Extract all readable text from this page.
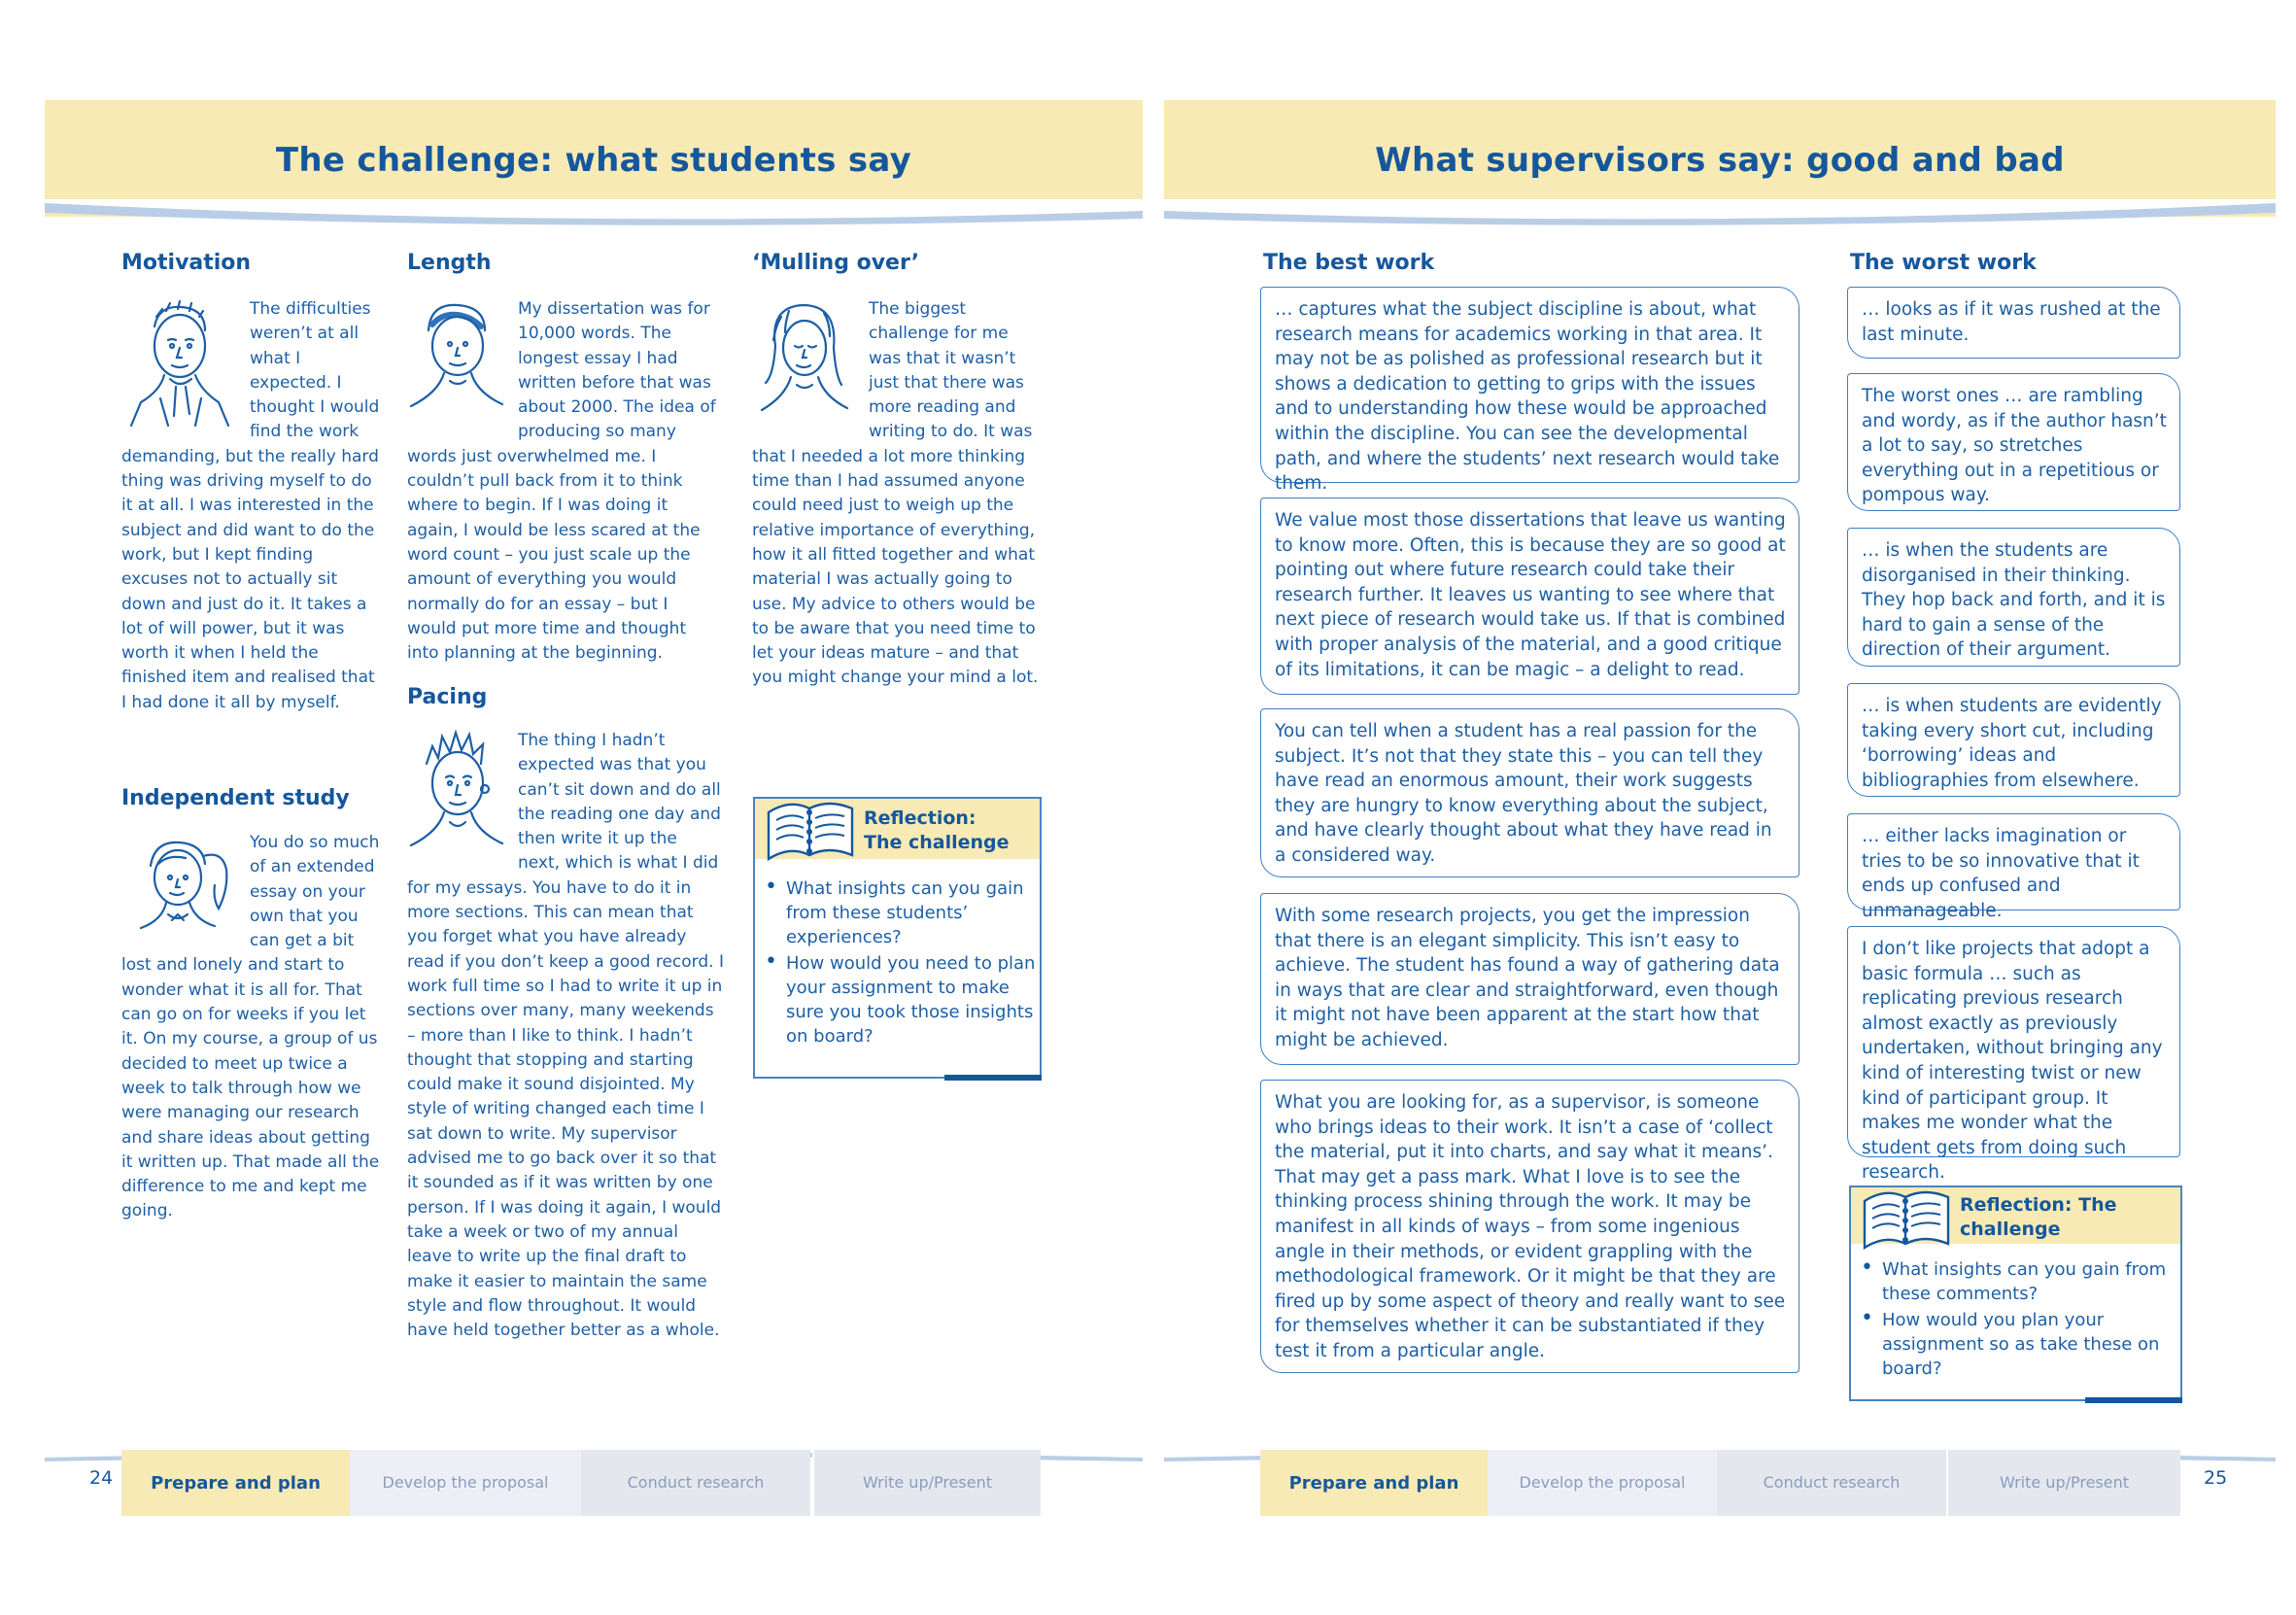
The challenge: what students say
Motivation

The difficulties weren’t at all what I expected. I thought I would find the work demanding, but the really hard thing was driving myself to do it at all. I was interested in the subject and did want to do the work, but I kept finding excuses not to actually sit down and just do it. It takes a lot of will power, but it was worth it when I held the finished item and realised that I had done it all by myself.

Independent study

You do so much of an extended essay on your own that you can get a bit lost and lonely and start to wonder what it is all for. That can go on for weeks if you let it. On my course, a group of us decided to meet up twice a week to talk through how we were managing our research and share ideas about getting it written up. That made all the difference to me and kept me going.

Length

My dissertation was for 10,000 words. The longest essay I had written before that was about 2000. The idea of producing so many words just overwhelmed me. I couldn’t pull back from it to think where to begin. If I was doing it again, I would be less scared at the word count – you just scale up the amount of everything you would normally do for an essay – but I would put more time and thought into planning at the beginning.

Pacing

The thing I hadn’t expected was that you can’t sit down and do all the reading one day and then write it up the next, which is what I did for my essays. You have to do it in more sections. This can mean that you forget what you have already read if you don’t keep a good record. I work full time so I had to write it up in sections over many, many weekends – more than I like to think. I hadn’t thought that stopping and starting could make it sound disjointed. My style of writing changed each time I sat down to write. My supervisor advised me to go back over it so that it sounded as if it was written by one person. If I was doing it again, I would take a week or two of my annual leave to write up the final draft to make it easier to maintain the same style and flow throughout. It would have held together better as a whole.

‘Mulling over’

The biggest challenge for me was that it wasn’t just that there was more reading and writing to do. It was that I needed a lot more thinking time than I had assumed anyone could need just to weigh up the relative importance of everything, how it all fitted together and what material I was actually going to use. My advice to others would be to be aware that you need time to let your ideas mature – and that you might change your mind a lot.

Reflection:
The challenge
• What insights can you gain from these students’ experiences?
• How would you need to plan your assignment to make sure you took those insights on board?
24	Prepare and plan	Develop the proposal	Conduct research	Write up/Present
What supervisors say: good and bad
The best work
… captures what the subject discipline is about, what research means for academics working in that area. It may not be as polished as professional research but it shows a dedication to getting to grips with the issues and to understanding how these would be approached within the discipline. You can see the developmental path, and where the students’ next research would take them.
We value most those dissertations that leave us wanting to know more. Often, this is because they are so good at pointing out where future research could take their research further. It leaves us wanting to see where that next piece of research would take us. If that is combined with proper analysis of the material, and a good critique of its limitations, it can be magic – a delight to read.
You can tell when a student has a real passion for the subject. It’s not that they state this – you can tell they have read an enormous amount, their work suggests they are hungry to know everything about the subject, and have clearly thought about what they have read in a considered way.
With some research projects, you get the impression that there is an elegant simplicity. This isn’t easy to achieve. The student has found a way of gathering data in ways that are clear and straightforward, even though it might not have been apparent at the start how that might be achieved.
What you are looking for, as a supervisor, is someone who brings ideas to their work. It isn’t a case of ‘collect the material, put it into charts, and say what it means’. That may get a pass mark. What I love is to see the thinking process shining through the work. It may be manifest in all kinds of ways – from some ingenious angle in their methods, or evident grappling with the methodological framework. Or it might be that they are fired up by some aspect of theory and really want to see for themselves whether it can be substantiated if they test it from a particular angle.
The worst work
… looks as if it was rushed at the last minute.
The worst ones … are rambling and wordy, as if the author hasn’t a lot to say, so stretches everything out in a repetitious or pompous way.
… is when the students are disorganised in their thinking. They hop back and forth, and it is hard to gain a sense of the direction of their argument.
… is when students are evidently taking every short cut, including ‘borrowing’ ideas and bibliographies from elsewhere.
… either lacks imagination or tries to be so innovative that it ends up confused and unmanageable.
I don’t like projects that adopt a basic formula … such as replicating previous research almost exactly as previously undertaken, without bringing any kind of interesting twist or new kind of participant group. It makes me wonder what the student gets from doing such research.
Reflection: The
challenge
• What insights can you gain from these comments?
• How would you plan your assignment so as take these on board?
Prepare and plan	Develop the proposal	Conduct research	Write up/Present	25
